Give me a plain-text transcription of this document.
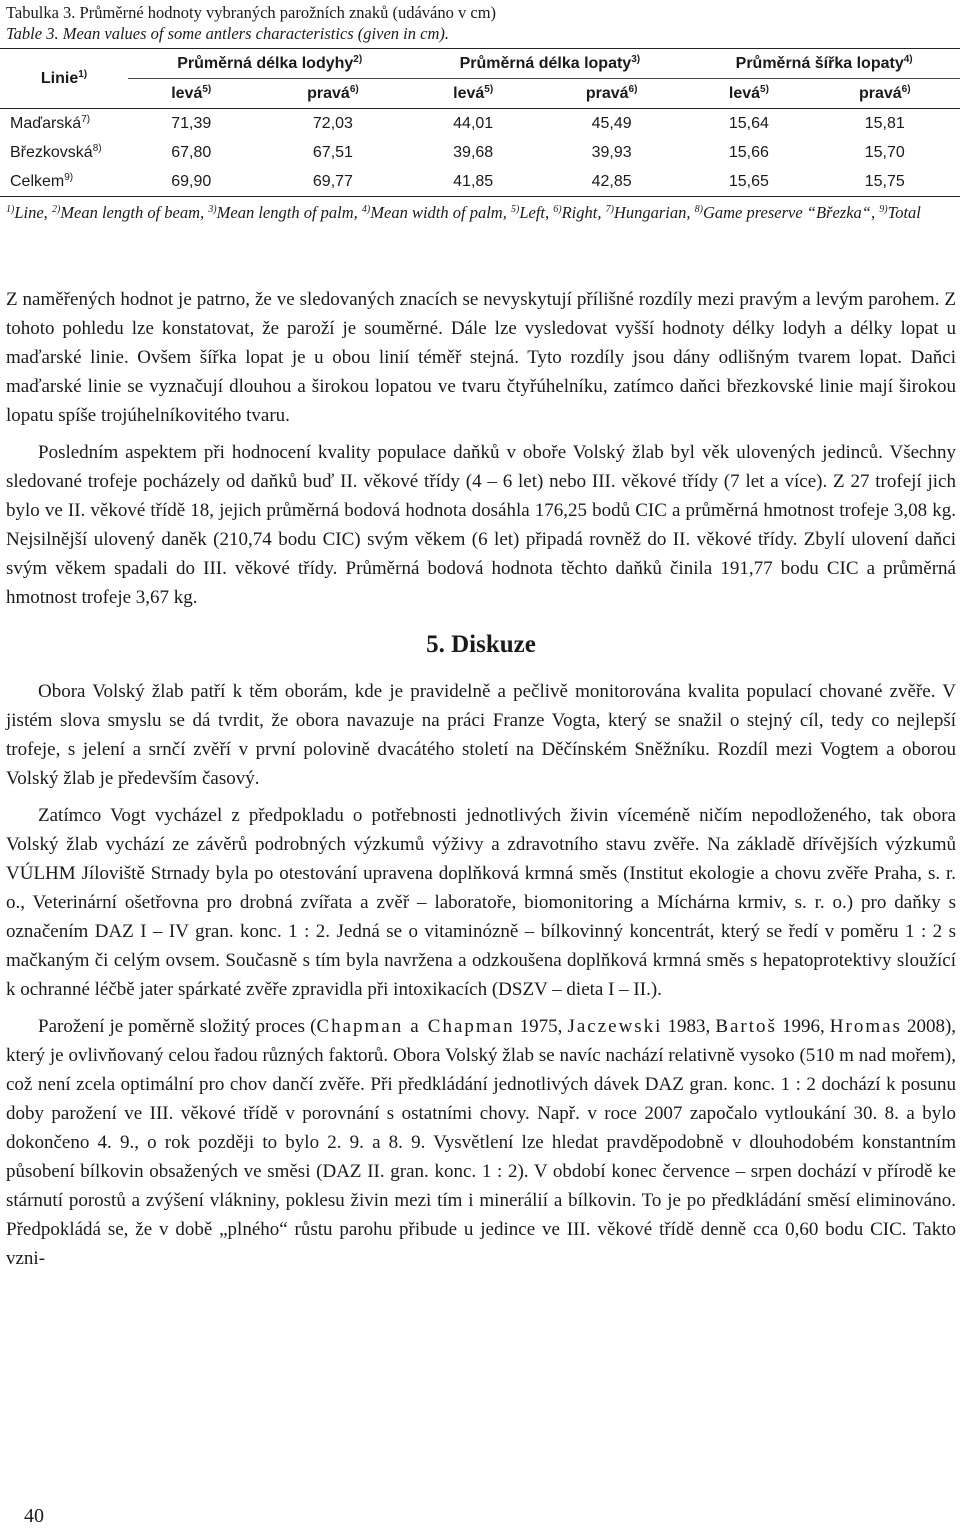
Tabulka 3. Průměrné hodnoty vybraných parožních znaků (udáváno v cm)
Table 3. Mean values of some antlers characteristics (given in cm).
Linie$^{1)}$	Průměrná délka lodyhy$^{2)}$		Průměrná délka lopaty$^{3)}$		Průměrná šířka lopaty$^{4)}$
	levá$^{5)}$	pravá$^{6)}$	levá$^{5)}$	pravá$^{6)}$	levá$^{5)}$	pravá$^{6)}$
Maďarská$^{7)}$	71,39	72,03	44,01	45,49	15,64	15,81
Březkovská$^{8)}$	67,80	67,51	39,68	39,93	15,66	15,70
Celkem$^{9)}$	69,90	69,77	41,85	42,85	15,65	15,75
$^{1)}$Line, $^{2)}$Mean length of beam, $^{3)}$Mean length of palm, $^{4)}$Mean width of palm, $^{5)}$Left, $^{6)}$Right, $^{7)}$Hungarian, $^{8)}$Game preserve “Březka“, $^{9)}$Total

Z naměřených hodnot je patrno, že ve sledovaných znacích se nevyskytují přílišné rozdíly mezi pravým a levým parohem. Z tohoto pohledu lze konstatovat, že paroží je souměrné. Dále lze vysledovat vyšší hodnoty délky lodyh a délky lopat u maďarské linie. Ovšem šířka lopat je u obou linií téměř stejná. Tyto rozdíly jsou dány odlišným tvarem lopat. Daňci maďarské linie se vyznačují dlouhou a širokou lopatou ve tvaru čtyřúhelníku, zatímco daňci březkovské linie mají širokou lopatu spíše trojúhelníkovitého tvaru.

Posledním aspektem při hodnocení kvality populace daňků v oboře Volský žlab byl věk ulovených jedinců. Všechny sledované trofeje pocházely od daňků buď II. věkové třídy (4 – 6 let) nebo III. věkové třídy (7 let a více). Z 27 trofejí jich bylo ve II. věkové třídě 18, jejich průměrná bodová hodnota dosáhla 176,25 bodů CIC a průměrná hmotnost trofeje 3,08 kg. Nejsilnější ulovený daněk (210,74 bodu CIC) svým věkem (6 let) připadá rovněž do II. věkové třídy. Zbylí ulovení daňci svým věkem spadali do III. věkové třídy. Průměrná bodová hodnota těchto daňků činila 191,77 bodu CIC a průměrná hmotnost trofeje 3,67 kg.

5. Diskuze

Obora Volský žlab patří k těm oborám, kde je pravidelně a pečlivě monitorována kvalita populací chované zvěře. V jistém slova smyslu se dá tvrdit, že obora navazuje na práci Franze Vogta, který se snažil o stejný cíl, tedy co nejlepší trofeje, s jelení a srnčí zvěří v první polovině dvacátého století na Děčínském Sněžníku. Rozdíl mezi Vogtem a oborou Volský žlab je především časový.

Zatímco Vogt vycházel z předpokladu o potřebnosti jednotlivých živin víceméně ničím nepodloženého, tak obora Volský žlab vychází ze závěrů podrobných výzkumů výživy a zdravotního stavu zvěře. Na základě dřívějších výzkumů VÚLHM Jíloviště Strnady byla po otestování upravena doplňková krmná směs (Institut ekologie a chovu zvěře Praha, s. r. o., Veterinární ošetřovna pro drobná zvířata a zvěř – laboratoře, biomonitoring a Míchárna krmiv, s. r. o.) pro daňky s označením DAZ I – IV gran. konc. 1 : 2. Jedná se o vitaminózně – bílkovinný koncentrát, který se ředí v poměru 1 : 2 s mačkaným či celým ovsem. Současně s tím byla navržena a odzkoušena doplňková krmná směs s hepatoprotektivy sloužící k ochranné léčbě jater spárkaté zvěře zpravidla při intoxikacích (DSZV – dieta I – II.).

Parožení je poměrně složitý proces (Chapman a Chapman 1975, Jaczewski 1983, Bartoš 1996, Hromas 2008), který je ovlivňovaný celou řadou různých faktorů. Obora Volský žlab se navíc nachází relativně vysoko (510 m nad mořem), což není zcela optimální pro chov dančí zvěře. Při předkládání jednotlivých dávek DAZ gran. konc. 1 : 2 dochází k posunu doby parožení ve III. věkové třídě v porovnání s ostatními chovy. Např. v roce 2007 započalo vytloukání 30. 8. a bylo dokončeno 4. 9., o rok později to bylo 2. 9. a 8. 9. Vysvětlení lze hledat pravděpodobně v dlouhodobém konstantním působení bílkovin obsažených ve směsi (DAZ II. gran. konc. 1 : 2). V období konec července – srpen dochází v přírodě ke stárnutí porostů a zvýšení vlákniny, poklesu živin mezi tím i minerálií a bílkovin. To je po předkládání směsí eliminováno. Předpokládá se, že v době „plného“ růstu parohu přibude u jedince ve III. věkové třídě denně cca 0,60 bodu CIC. Takto vzni-

40
